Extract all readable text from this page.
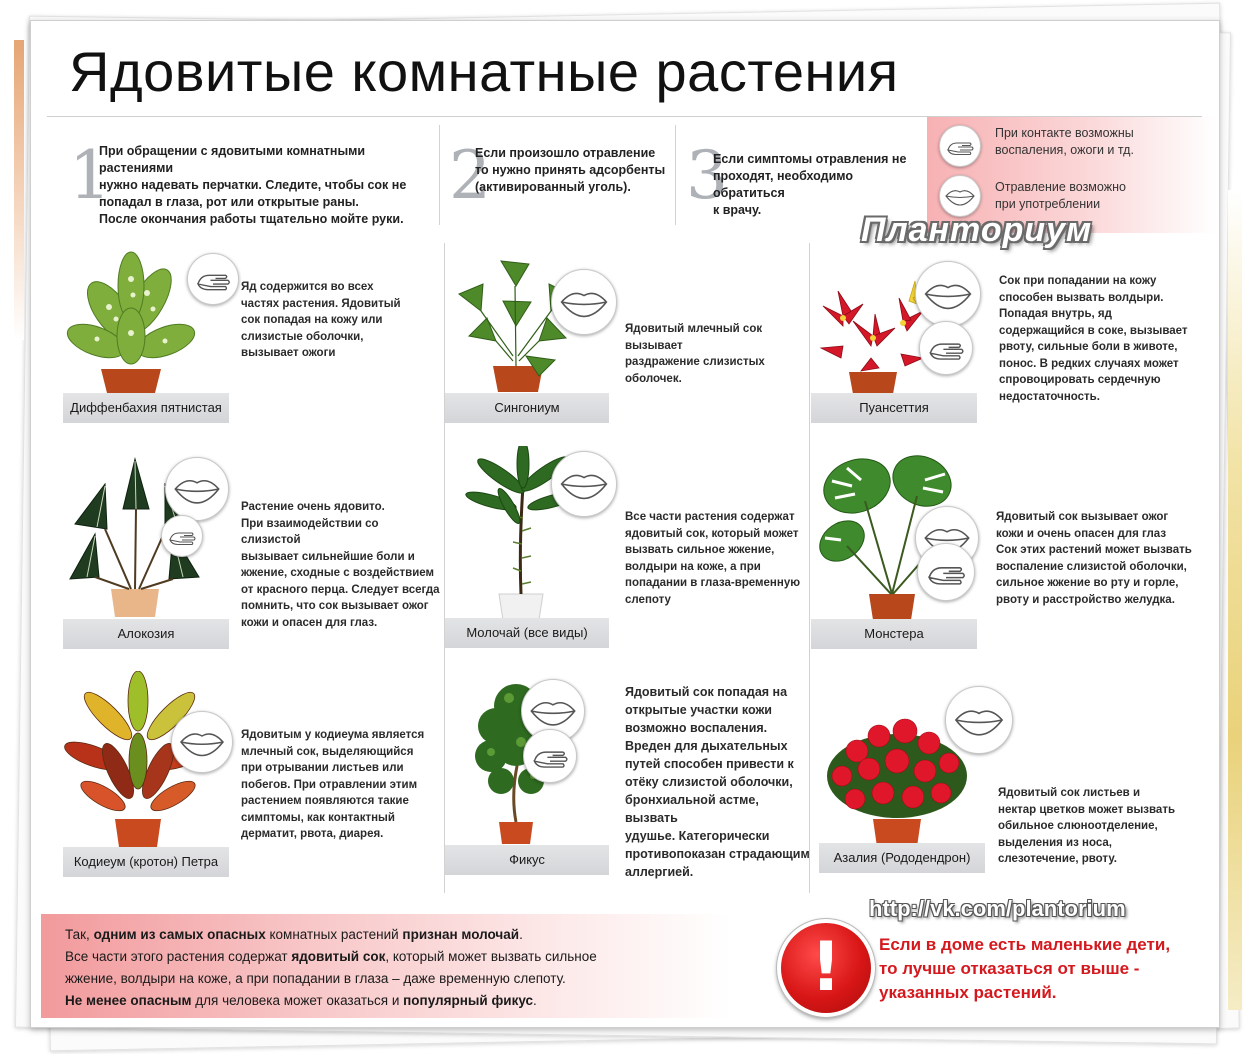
Ядовитые комнатные растения
1
При обращении с ядовитыми комнатными растениями
нужно надевать перчатки. Следите, чтобы сок не
попадал в глаза, рот или открытые раны.
После окончания работы тщательно мойте руки.
2
Если произошло отравление
то нужно принять адсорбенты
(активированный уголь). 3
Если симптомы отравления не
проходят, необходимо обратиться
к врачу.
При контакте возможны
воспаления, ожоги и тд.
Отравление возможно
при употреблении
Планториум
Диффенбахия пятнистая
Яд содержится во всех
частях растения. Ядовитый
сок попадая на кожу или
слизистые оболочки,
вызывает ожоги
Сингониум
Ядовитый млечный сок вызывает
раздражение слизистых
оболочек.
Пуансеттия
Сок при попадании на кожу
способен вызвать волдыри.
Попадая внутрь, яд
содержащийся в соке, вызывает
рвоту, сильные боли в животе,
понос. В редких случаях может
спровоцировать сердечную
недостаточность.
Алокозия
Растение очень ядовито.
При взаимодействии со слизистой
вызывает сильнейшие боли и
жжение, сходные с воздействием
от красного перца. Следует всегда
помнить, что сок вызывает ожог
кожи и опасен для глаз.
Молочай (все виды)
Все части растения содержат
ядовитый сок, который может
вызвать сильное жжение,
волдыри на коже, а при
попадании в глаза-временную
слепоту
Монстера
Ядовитый сок вызывает ожог
кожи и очень опасен для глаз
Сок этих растений может вызвать
воспаление слизистой оболочки,
сильное жжение во рту и горле,
рвоту и расстройство желудка.
Кодиеум (кротон) Петра
Ядовитым у кодиеума является
млечный сок, выделяющийся
при отрывании листьев или
побегов. При отравлении этим
растением появляются такие
симптомы, как контактный
дерматит, рвота, диарея.
Фикус
Ядовитый сок попадая на
открытые участки кожи
возможно воспаления.
Вреден для дыхательных
путей способен привести к
отёку слизистой оболочки,
бронхиальной астме, вызвать
удушье. Категорически
противопоказан страдающим
аллергией.
Азалия (Рододендрон)
Ядовитый сок листьев и
нектар цветков может вызвать
обильное слюноотделение,
выделения из носа,
слезотечение, рвоту.
http://vk.com/plantorium
Так, одним из самых опасных комнатных растений признан молочай.
Все части этого растения содержат ядовитый сок, который может вызвать сильное
жжение, волдыри на коже, а при попадании в глаза – даже временную слепоту.
Не менее опасным для человека может оказаться и популярный фикус.	!	Если в доме есть маленькие дети,
то лучше отказаться от выше -
указанных растений.
